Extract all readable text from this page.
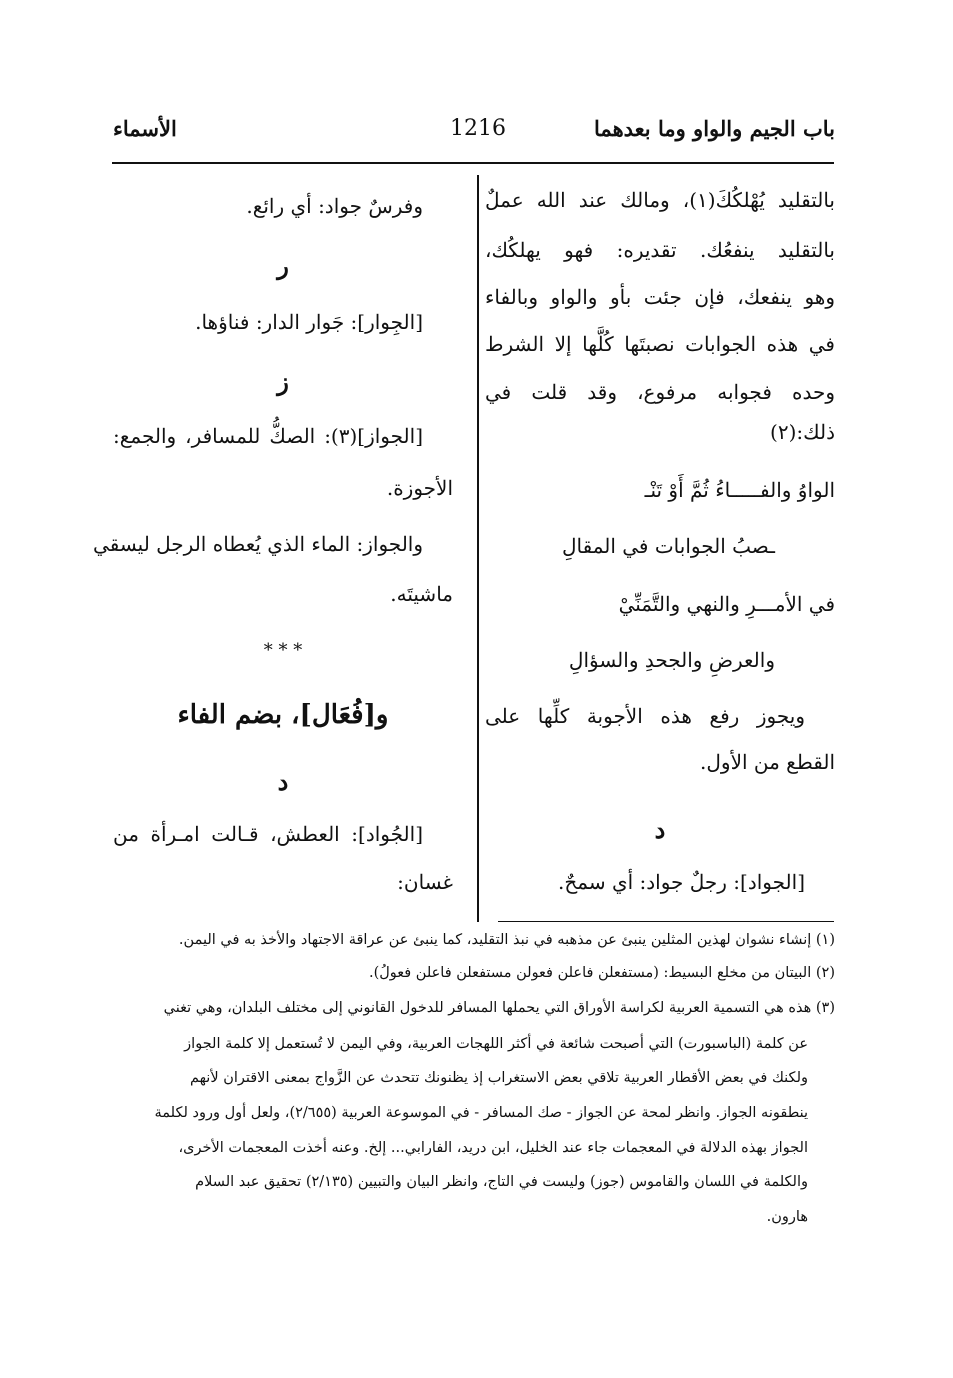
باب الجيم والواو وما بعدهما
1216
الأسماء
بالتقليد يُهْلكُكَ(١)، ومالك عند الله عملٌ
بالتقليد ينفعُك. تقديره: فهو يهلكُك،
وهو ينفعك، فإن جئت بأو والواو وبالفاء
في هذه الجوابات نصبتَها كُلَّها إلا الشرط
وحده فجوابه مرفوع، وقد قلت في
ذلك:(٢)
الواوُ والفـــــاءُ ثُمَّ أَوْ تَنْـ
ـصبُ الجوابات في المقالِ
في الأمـــرِ والنهي والتَّمَنِّيْ
والعرضِ والجحدِ والسؤالِ
ويجوز رفع هذه الأجوبة كلِّها على
القطع من الأول.
د
[الجواد]: رجلٌ جواد: أي سمحٌ.
وفرسٌ جواد: أي رائع.
ر
[الجِوار]: جَوار الدار: فناؤها.
ز
[الجواز](٣): الصكُّ للمسافر، والجمع:
الأجوزة.
والجواز: الماء الذي يُعطاه الرجل ليسقي
ماشيتَه.
* * *
و[فُعَال]، بضم الفاء
د
[الجُواد]: العطش، قـالت امـرأة من
غسان:
(١) إنشاء نشوان لهذين المثلين ينبئ عن مذهبه في نبذ التقليد، كما ينبئ عن عراقة الاجتهاد والأخذ به في اليمن.
(٢) البيتان من مخلع البسيط: (مستفعلن فاعلن فعولن مستفعلن فاعلن فعولُ).
(٣) هذه هي التسمية العربية لكراسة الأوراق التي يحملها المسافر للدخول القانوني إلى مختلف البلدان، وهي تغني
عن كلمة (الباسبورت) التي أصبحت شائعة في أكثر اللهجات العربية، وفي اليمن لا تُستعمل إلا كلمة الجواز
ولكنك في بعض الأقطار العربية تلاقي بعض الاستغراب إذ يظنونك تتحدث عن الزَّواج بمعنى الاقتران لأنهم
ينطقونه الجواز. وانظر لمحة عن الجواز - صك المسافر - في الموسوعة العربية (٢/٦٥٥)، ولعل أول ورود لكلمة
الجواز بهذه الدلالة في المعجمات جاء عند الخليل، ابن دريد، الفارابي... إلخ. وعنه أخذت المعجمات الأخرى،
والكلمة في اللسان والقاموس (جوز) وليست في التاج، وانظر البيان والتبيين (٢/١٣٥) تحقيق عبد السلام
هارون.
